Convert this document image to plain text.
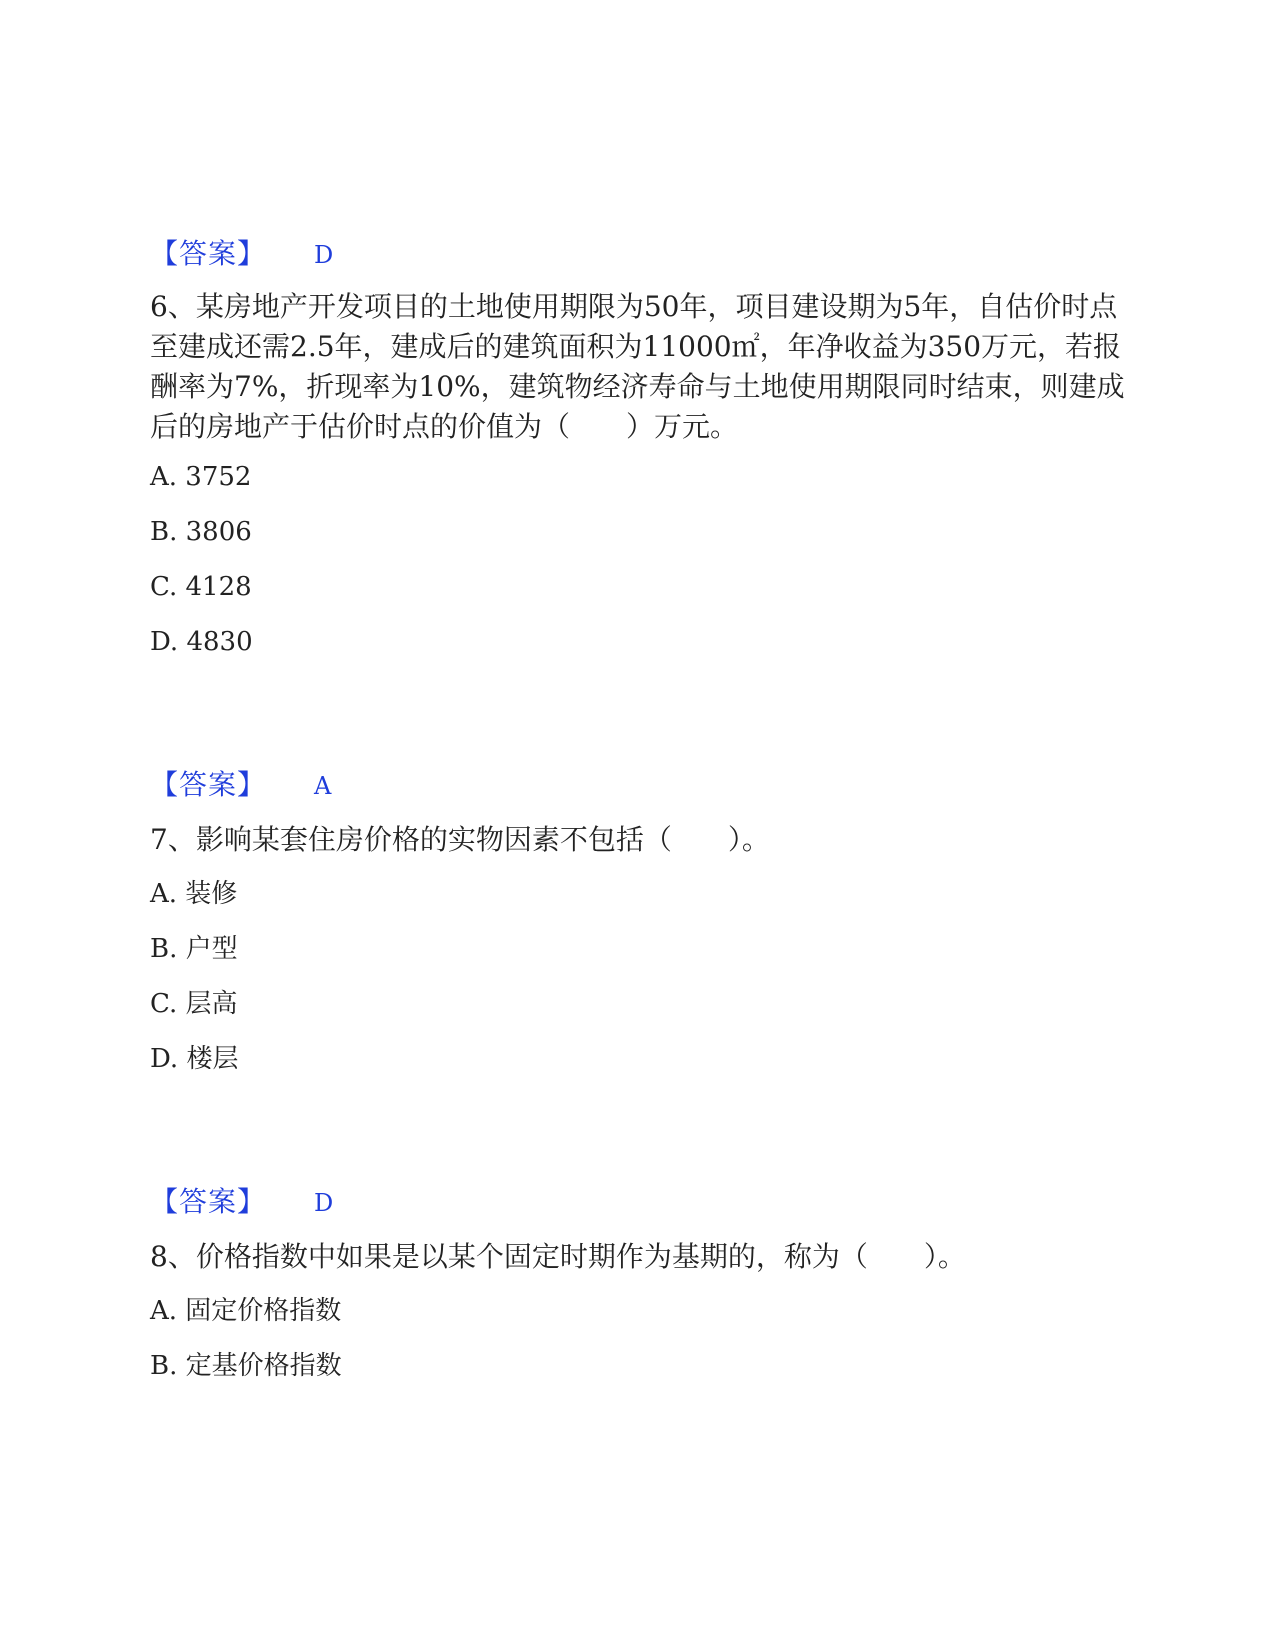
【答案】 D
6、某房地产开发项目的土地使用期限为50年，项目建设期为5年，自估价时点至建成还需2.5年，建成后的建筑面积为11000㎡，年净收益为350万元，若报酬率为7%，折现率为10%，建筑物经济寿命与土地使用期限同时结束，则建成后的房地产于估价时点的价值为（　　）万元。
A. 3752
B. 3806
C. 4128
D. 4830
【答案】 A
7、影响某套住房价格的实物因素不包括（　　）。
A. 装修
B. 户型
C. 层高
D. 楼层
【答案】 D
8、价格指数中如果是以某个固定时期作为基期的，称为（　　）。
A. 固定价格指数
B. 定基价格指数
